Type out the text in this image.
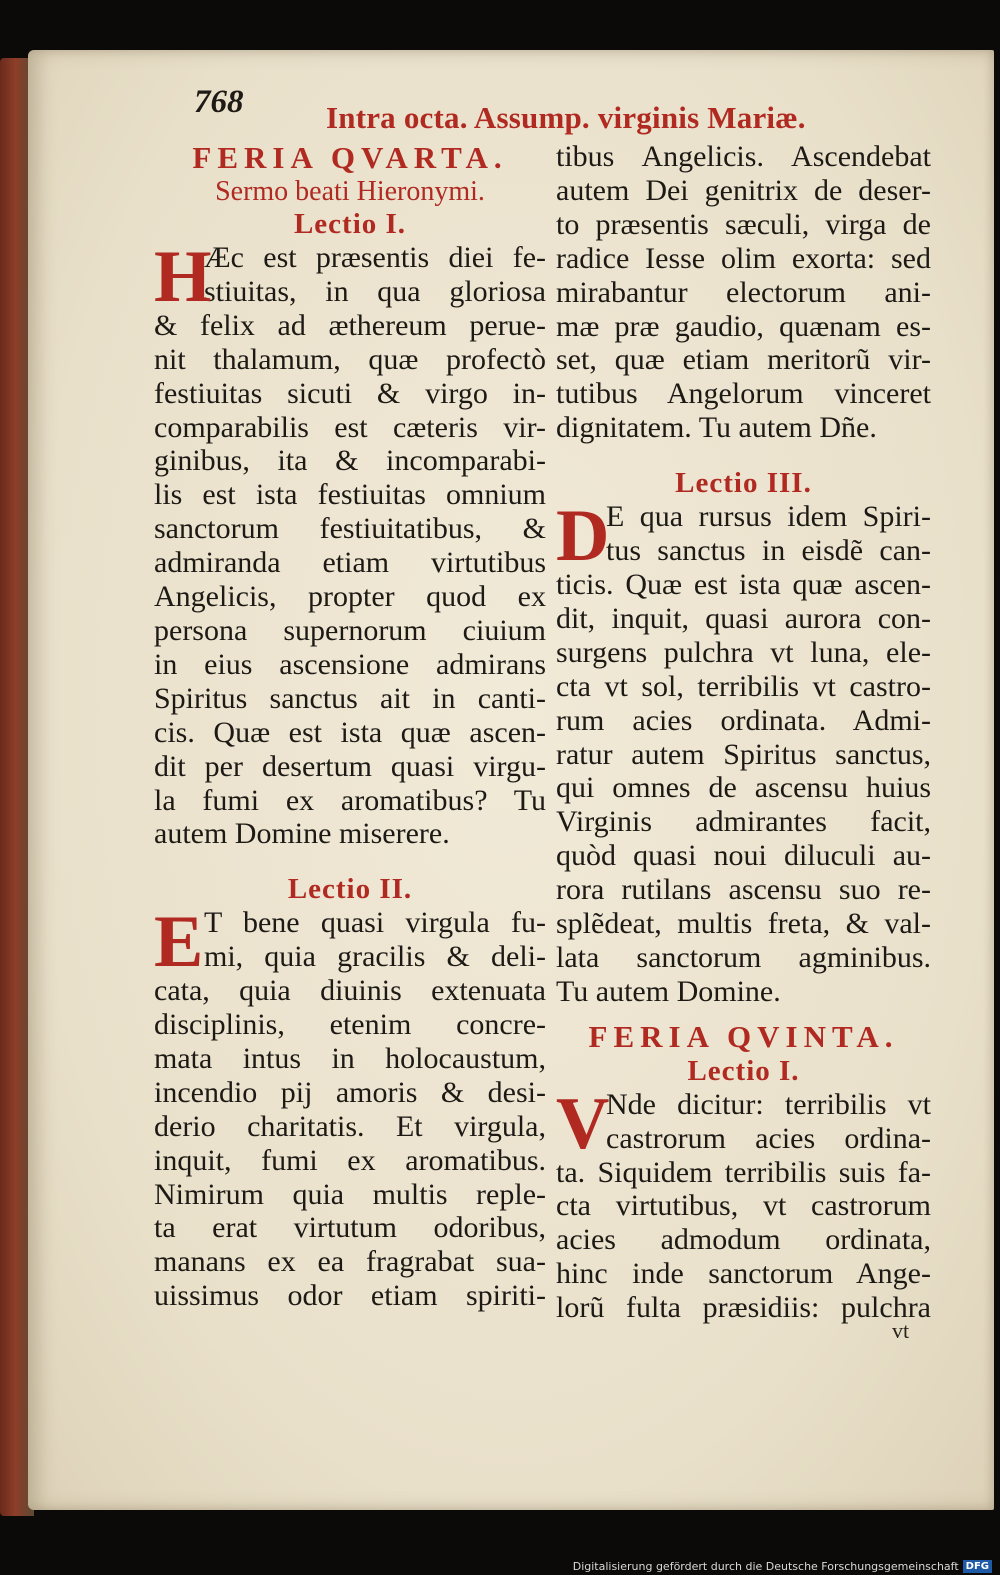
768	Intra octa. Assump. virginis Mariæ.
FERIA QVARTA.
Sermo beati Hieronymi.
Lectio I.
H
Æc est præsentis diei fe-
stiuitas, in qua gloriosa
& felix ad æthereum perue-
nit thalamum, quæ profectò
festiuitas sicuti & virgo in-
comparabilis est cæteris vir-
ginibus, ita & incomparabi-
lis est ista festiuitas omnium
sanctorum festiuitatibus, &
admiranda etiam virtutibus
Angelicis, propter quod ex
persona supernorum ciuium
in eius ascensione admirans
Spiritus sanctus ait in canti-
cis. Quæ est ista quæ ascen-
dit per desertum quasi virgu-
la fumi ex aromatibus? Tu
autem Domine miserere.
Lectio II.
E T bene quasi virgula fu-
mi, quia gracilis & deli-
cata, quia diuinis extenuata
disciplinis, etenim concre-
mata intus in holocaustum,
incendio pij amoris & desi-
derio charitatis. Et virgula,
inquit, fumi ex aromatibus.
Nimirum quia multis reple-
ta erat virtutum odoribus,
manans ex ea fragrabat sua-
uissimus odor etiam spiriti-
tibus Angelicis. Ascendebat
autem Dei genitrix de deser-
to præsentis sæculi, virga de
radice Iesse olim exorta: sed
mirabantur electorum ani-
mæ præ gaudio, quænam es-
set, quæ etiam meritorũ vir-
tutibus Angelorum vinceret
dignitatem. Tu autem Dñe.
Lectio III.
D
E qua rursus idem Spiri-
tus sanctus in eisdẽ can-
ticis. Quæ est ista quæ ascen-
dit, inquit, quasi aurora con-
surgens pulchra vt luna, ele-
cta vt sol, terribilis vt castro-
rum acies ordinata. Admi-
ratur autem Spiritus sanctus,
qui omnes de ascensu huius
Virginis admirantes facit,
quòd quasi noui diluculi au-
rora rutilans ascensu suo re-
splẽdeat, multis freta, & val-
lata sanctorum agminibus.
Tu autem Domine.
FERIA QVINTA.
Lectio I.
V
Nde dicitur: terribilis vt
castrorum acies ordina-
ta. Siquidem terribilis suis fa-
cta virtutibus, vt castrorum
acies admodum ordinata,
hinc inde sanctorum Ange-
lorũ fulta præsidiis: pulchra
vt
Digitalisierung gefördert durch die Deutsche Forschungsgemeinschaft DFG
